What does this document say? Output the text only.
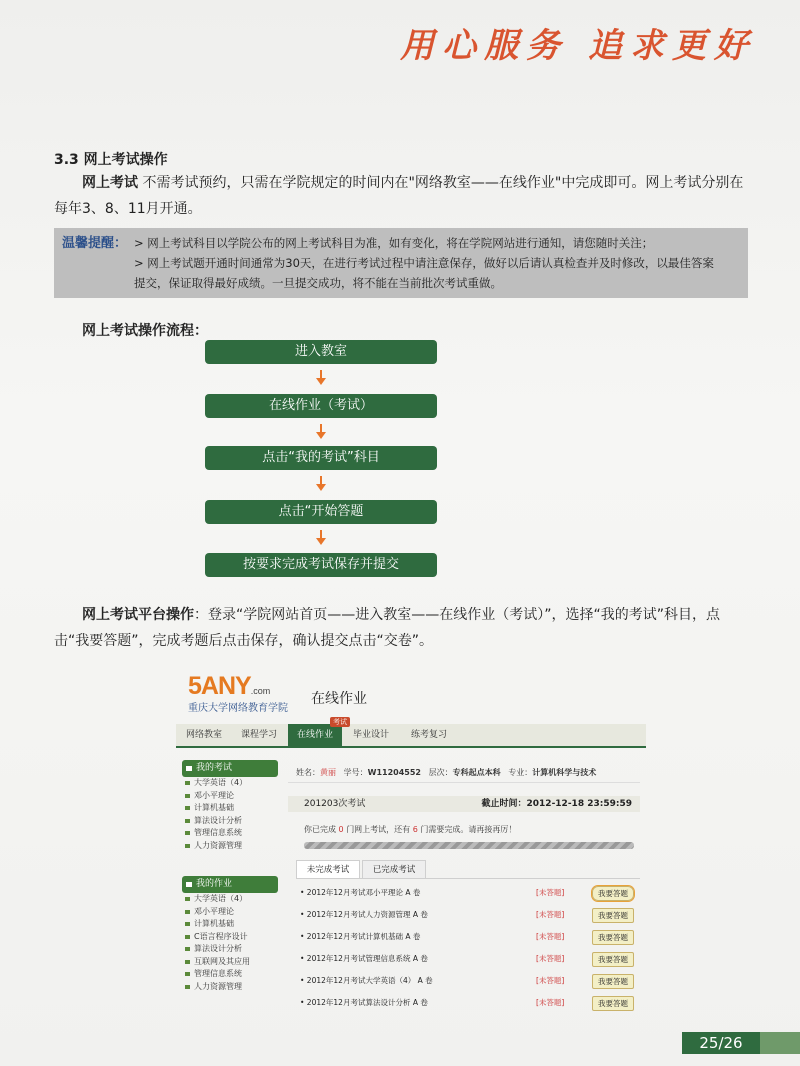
用心服务 追求更好
3.3 网上考试操作
网上考试 不需考试预约，只需在学院规定的时间内在"网络教室——在线作业"中完成即可。网上考试分别在每年3、8、11月开通。
温馨提醒： > 网上考试科目以学院公布的网上考试科目为准，如有变化，将在学院网站进行通知，请您随时关注；
> 网上考试题开通时间通常为30天，在进行考试过程中请注意保存，做好以后请认真检查并及时修改，以最佳答案
提交，保证取得最好成绩。一旦提交成功，将不能在当前批次考试重做。
网上考试操作流程：
进入教室
在线作业（考试）
点击“我的考试”科目
点击“开始答题
按要求完成考试保存并提交
网上考试平台操作：登录“学院网站首页——进入教室——在线作业（考试）”，选择“我的考试”科目，点击“我要答题”，完成考题后点击保存，确认提交点击“交卷”。
5ANY.com
重庆大学网络教育学院
在线作业
网络教室	课程学习	在线作业	毕业设计	练考复习
考试
我的考试
大学英语（4）
邓小平理论
计算机基础
算法设计分析
管理信息系统
人力资源管理
我的作业
大学英语（4）
邓小平理论
计算机基础
C语言程序设计
算法设计分析
互联网及其应用
管理信息系统
人力资源管理
姓名：黄丽 学号：W11204552 层次：专科起点本科 专业：计算机科学与技术
201203次考试	截止时间：2012-12-18 23:59:59
你已完成 0 门网上考试，还有 6 门需要完成。请再接再厉！
未完成考试	已完成考试
• 2012年12月考试邓小平理论 A 卷	[未答题]	我要答题
• 2012年12月考试人力资源管理 A 卷	[未答题]	我要答题
• 2012年12月考试计算机基础 A 卷	[未答题]	我要答题
• 2012年12月考试管理信息系统 A 卷	[未答题]	我要答题
• 2012年12月考试大学英语（4） A 卷	[未答题]	我要答题
• 2012年12月考试算法设计分析 A 卷	[未答题]	我要答题
25/26
